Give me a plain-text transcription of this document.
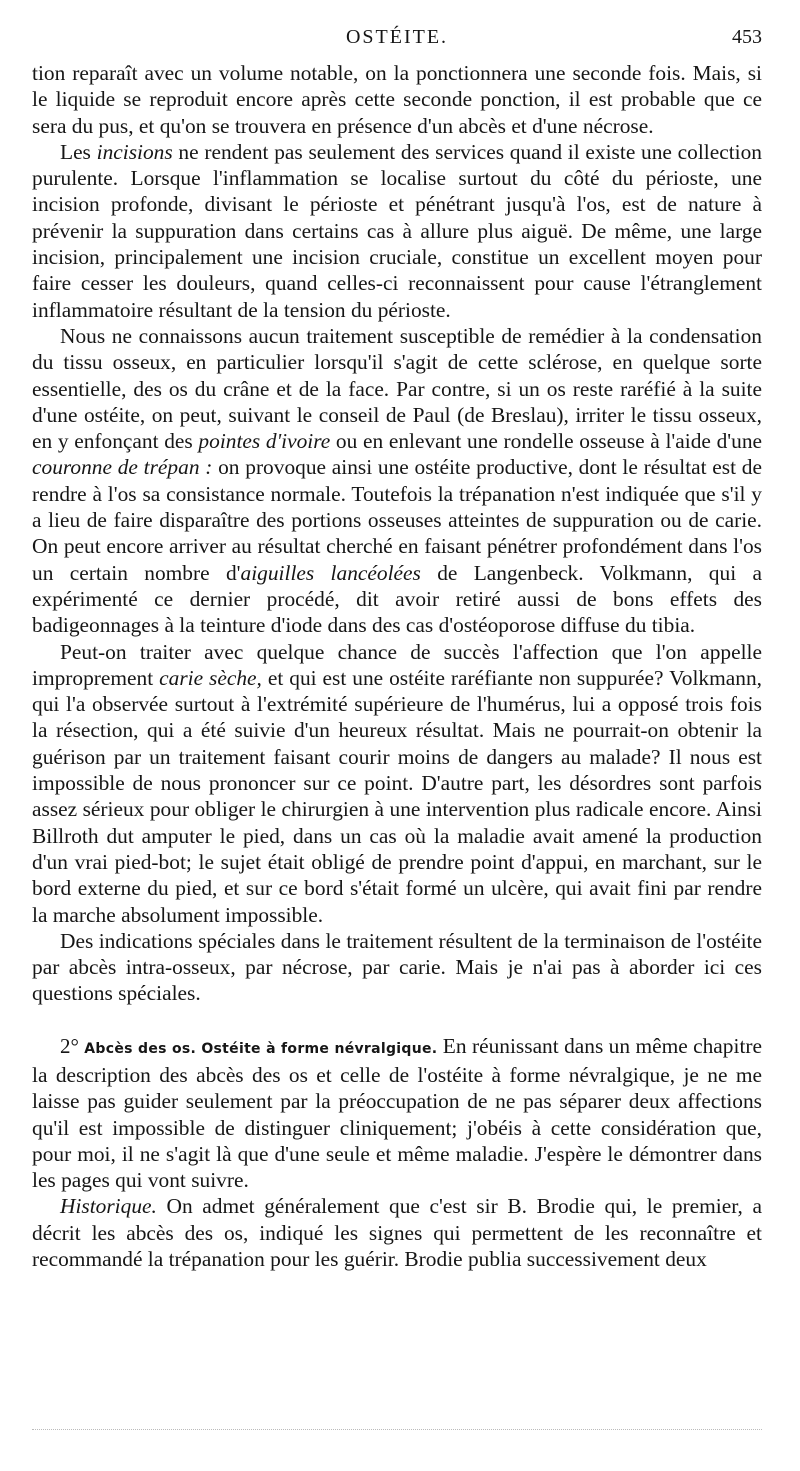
OSTÉITE.	453

tion reparaît avec un volume notable, on la ponctionnera une seconde fois. Mais, si le liquide se reproduit encore après cette seconde ponction, il est probable que ce sera du pus, et qu'on se trouvera en présence d'un abcès et d'une nécrose.

Les incisions ne rendent pas seulement des services quand il existe une collection purulente. Lorsque l'inflammation se localise surtout du côté du périoste, une incision profonde, divisant le périoste et pénétrant jusqu'à l'os, est de nature à prévenir la suppuration dans certains cas à allure plus aiguë. De même, une large incision, principalement une incision cruciale, constitue un excellent moyen pour faire cesser les douleurs, quand celles-ci reconnaissent pour cause l'étranglement inflammatoire résultant de la tension du périoste.

Nous ne connaissons aucun traitement susceptible de remédier à la condensation du tissu osseux, en particulier lorsqu'il s'agit de cette sclérose, en quelque sorte essentielle, des os du crâne et de la face. Par contre, si un os reste raréfié à la suite d'une ostéite, on peut, suivant le conseil de Paul (de Breslau), irriter le tissu osseux, en y enfonçant des pointes d'ivoire ou en enlevant une rondelle osseuse à l'aide d'une couronne de trépan : on provoque ainsi une ostéite productive, dont le résultat est de rendre à l'os sa consistance normale. Toutefois la trépanation n'est indiquée que s'il y a lieu de faire disparaître des portions osseuses atteintes de suppuration ou de carie. On peut encore arriver au résultat cherché en faisant pénétrer profondément dans l'os un certain nombre d'aiguilles lancéolées de Langenbeck. Volkmann, qui a expérimenté ce dernier procédé, dit avoir retiré aussi de bons effets des badigeonnages à la teinture d'iode dans des cas d'ostéoporose diffuse du tibia.

Peut-on traiter avec quelque chance de succès l'affection que l'on appelle improprement carie sèche, et qui est une ostéite raréfiante non suppurée? Volkmann, qui l'a observée surtout à l'extrémité supérieure de l'humérus, lui a opposé trois fois la résection, qui a été suivie d'un heureux résultat. Mais ne pourrait-on obtenir la guérison par un traitement faisant courir moins de dangers au malade? Il nous est impossible de nous prononcer sur ce point. D'autre part, les désordres sont parfois assez sérieux pour obliger le chirurgien à une intervention plus radicale encore. Ainsi Billroth dut amputer le pied, dans un cas où la maladie avait amené la production d'un vrai pied-bot; le sujet était obligé de prendre point d'appui, en marchant, sur le bord externe du pied, et sur ce bord s'était formé un ulcère, qui avait fini par rendre la marche absolument impossible.

Des indications spéciales dans le traitement résultent de la terminaison de l'ostéite par abcès intra-osseux, par nécrose, par carie. Mais je n'ai pas à aborder ici ces questions spéciales.

2° Abcès des os. Ostéite à forme névralgique. En réunissant dans un même chapitre la description des abcès des os et celle de l'ostéite à forme névralgique, je ne me laisse pas guider seulement par la préoccupation de ne pas séparer deux affections qu'il est impossible de distinguer cliniquement; j'obéis à cette considération que, pour moi, il ne s'agit là que d'une seule et même maladie. J'espère le démontrer dans les pages qui vont suivre.

Historique. On admet généralement que c'est sir B. Brodie qui, le premier, a décrit les abcès des os, indiqué les signes qui permettent de les reconnaître et recommandé la trépanation pour les guérir. Brodie publia successivement deux
